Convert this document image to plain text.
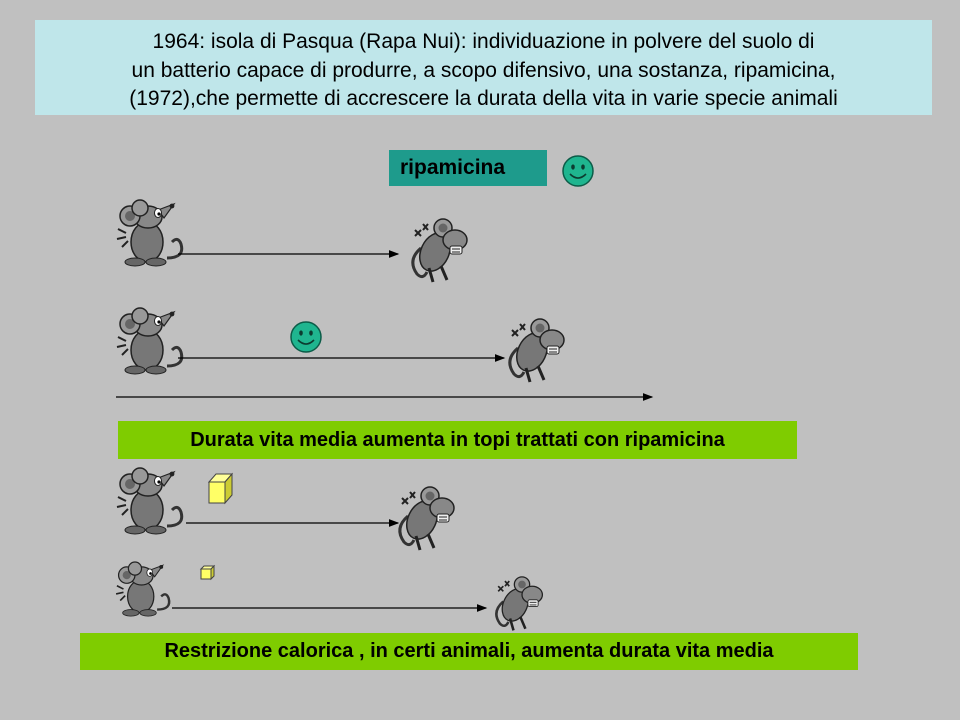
1964: isola di Pasqua (Rapa Nui): individuazione in polvere del suolo di
un batterio capace di produrre, a scopo difensivo, una sostanza, ripamicina,
(1972),che permette di accrescere la durata della vita in varie specie animali
ripamicina
Durata vita media aumenta in topi trattati con ripamicina
Restrizione calorica , in certi animali, aumenta durata vita media
